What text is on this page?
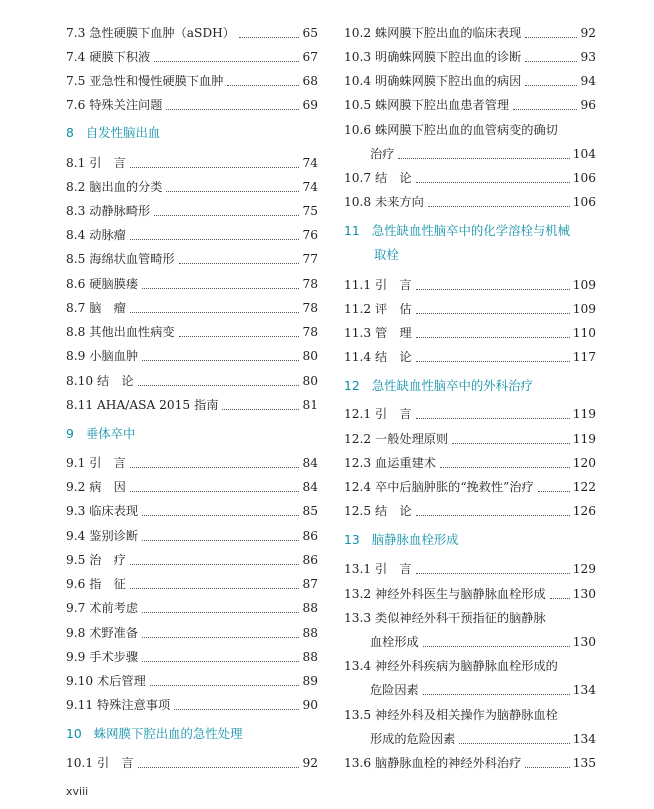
7.3 急性硬膜下血肿（aSDH）	65
7.4 硬膜下积液	67
7.5 亚急性和慢性硬膜下血肿	68
7.6 特殊关注问题	69
8 自发性脑出血
8.1 引　言	74
8.2 脑出血的分类	74
8.3 动静脉畸形	75
8.4 动脉瘤	76
8.5 海绵状血管畸形	77
8.6 硬脑膜瘘	78
8.7 脑　瘤	78
8.8 其他出血性病变	78
8.9 小脑血肿	80
8.10 结　论	80
8.11 AHA/ASA 2015 指南	81
9 垂体卒中
9.1 引　言	84
9.2 病　因	84
9.3 临床表现	85
9.4 鉴别诊断	86
9.5 治　疗	86
9.6 指　征	87
9.7 术前考虑	88
9.8 术野准备	88
9.9 手术步骤	88
9.10 术后管理	89
9.11 特殊注意事项	90
10 蛛网膜下腔出血的急性处理
10.1 引　言	92
10.2 蛛网膜下腔出血的临床表现	92
10.3 明确蛛网膜下腔出血的诊断	93
10.4 明确蛛网膜下腔出血的病因	94
10.5 蛛网膜下腔出血患者管理	96
10.6 蛛网膜下腔出血的血管病变的确切
治疗	104
10.7 结　论	106
10.8 未来方向	106
11 急性缺血性脑卒中的化学溶栓与机械
取栓
11.1 引　言	109
11.2 评　估	109
11.3 管　理	110
11.4 结　论	117
12 急性缺血性脑卒中的外科治疗
12.1 引　言	119
12.2 一般处理原则	119
12.3 血运重建术	120
12.4 卒中后脑肿胀的“挽救性”治疗	122
12.5 结　论	126
13 脑静脉血栓形成
13.1 引　言	129
13.2 神经外科医生与脑静脉血栓形成 130
13.3 类似神经外科干预指征的脑静脉
血栓形成	130
13.4 神经外科疾病为脑静脉血栓形成的
危险因素	134
13.5 神经外科及相关操作为脑静脉血栓
形成的危险因素	134
13.6 脑静脉血栓的神经外科治疗	135
xviii
